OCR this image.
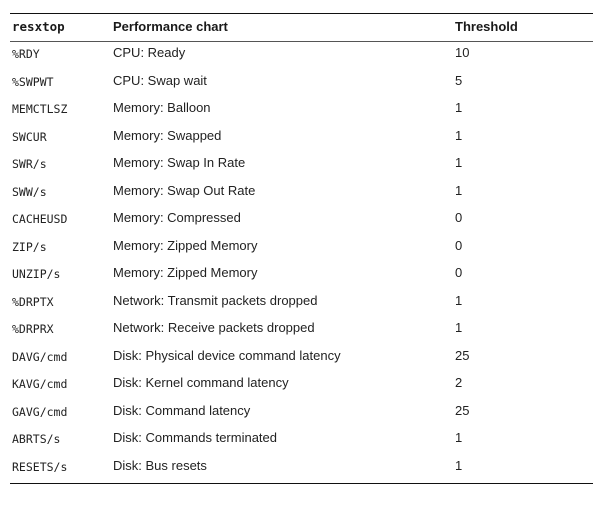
resxtop	Performance chart	Threshold
%RDY	CPU: Ready	10
%SWPWT	CPU: Swap wait	5
MEMCTLSZ	Memory: Balloon	1
SWCUR	Memory: Swapped	1
SWR/s	Memory: Swap In Rate	1
SWW/s	Memory: Swap Out Rate	1
CACHEUSD	Memory: Compressed	0
ZIP/s	Memory: Zipped Memory	0
UNZIP/s	Memory: Zipped Memory	0
%DRPTX	Network: Transmit packets dropped	1
%DRPRX	Network: Receive packets dropped	1
DAVG/cmd	Disk: Physical device command latency	25
KAVG/cmd	Disk: Kernel command latency	2
GAVG/cmd	Disk: Command latency	25
ABRTS/s	Disk: Commands terminated	1
RESETS/s	Disk: Bus resets	1
